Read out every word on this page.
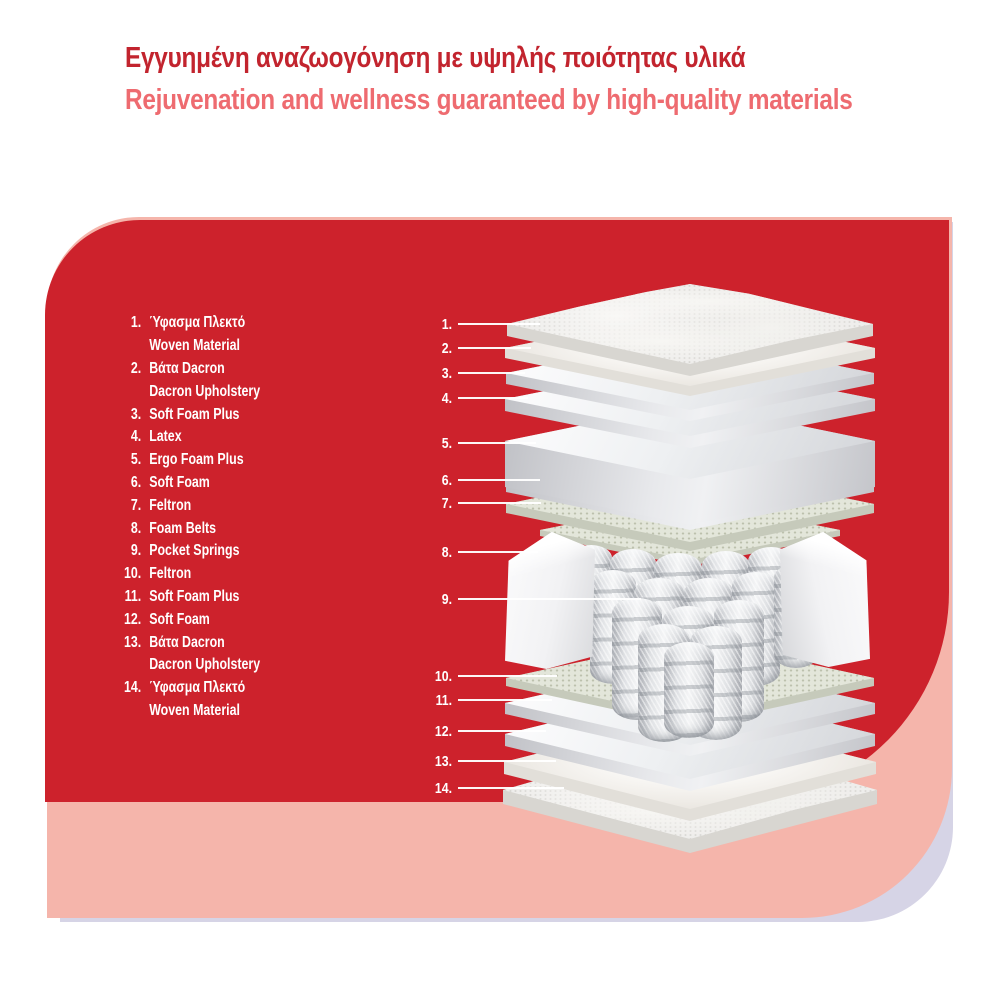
Εγγυημένη αναζωογόνηση με υψηλής ποιότητας υλικά
Rejuvenation and wellness guaranteed by high-quality materials
1. Ύφασμα Πλεκτό
Woven Material
2. Βάτα Dacron
Dacron Upholstery
3. Soft Foam Plus
4. Latex
5. Ergo Foam Plus
6. Soft Foam
7. Feltron
8. Foam Belts
9. Pocket Springs
10. Feltron
11. Soft Foam Plus
12. Soft Foam
13. Βάτα Dacron
Dacron Upholstery
14. Ύφασμα Πλεκτό
Woven Material
1.
2.
3.
4.
5.
6.
7.
8.
9.
10.
11.
12.
13.
14.
